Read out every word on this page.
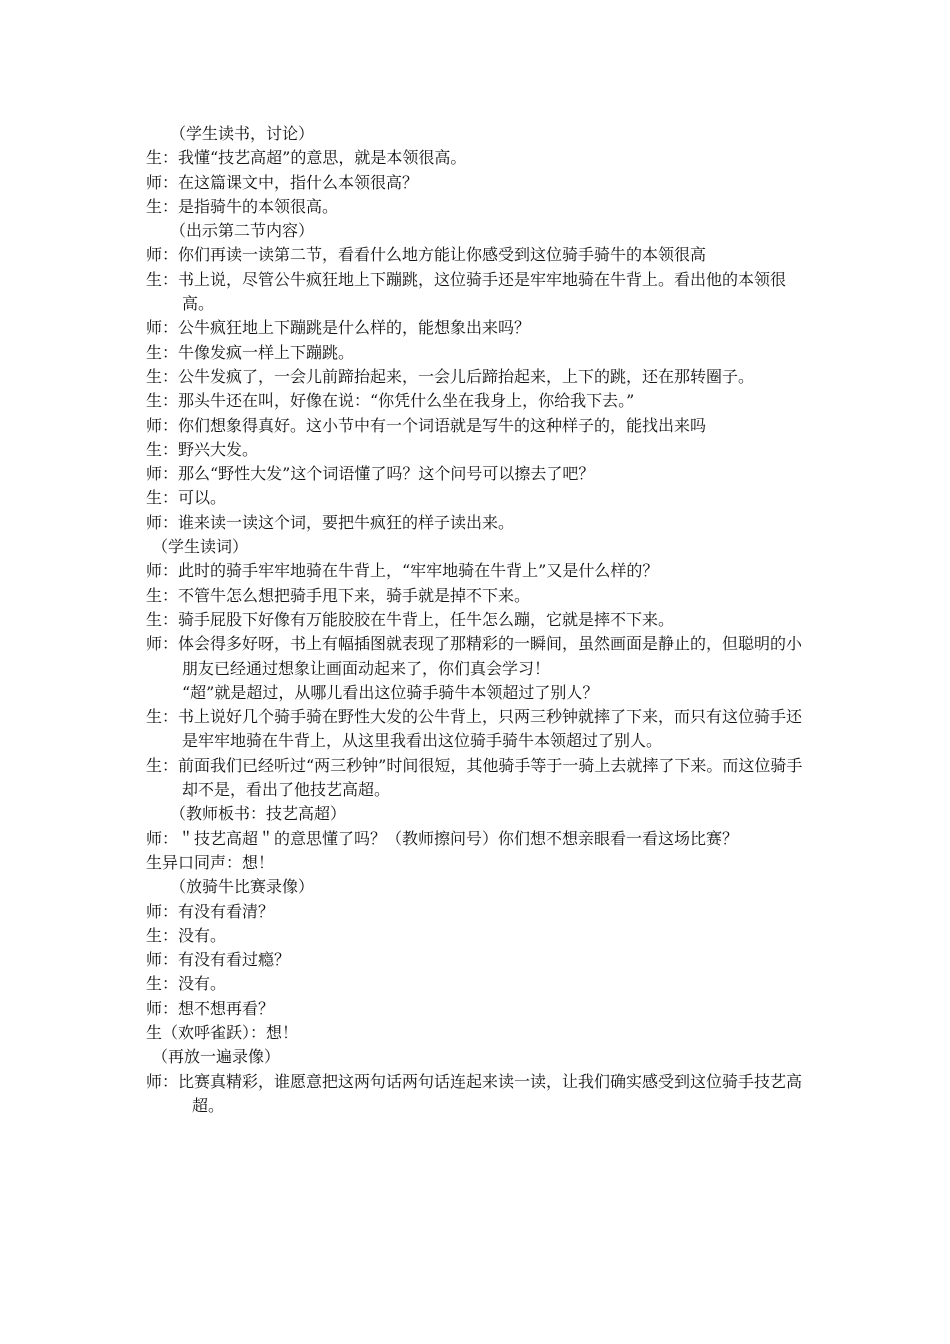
（学生读书，讨论）
生：我懂“技艺高超”的意思，就是本领很高。
师：在这篇课文中，指什么本领很高？
生：是指骑牛的本领很高。
（出示第二节内容）
师：你们再读一读第二节，看看什么地方能让你感受到这位骑手骑牛的本领很高
生：书上说，尽管公牛疯狂地上下蹦跳，这位骑手还是牢牢地骑在牛背上。看出他的本领很高。
师：公牛疯狂地上下蹦跳是什么样的，能想象出来吗？
生：牛像发疯一样上下蹦跳。
生：公牛发疯了，一会儿前蹄抬起来，一会儿后蹄抬起来，上下的跳，还在那转圈子。
生：那头牛还在叫，好像在说：“你凭什么坐在我身上，你给我下去。”
师：你们想象得真好。这小节中有一个词语就是写牛的这种样子的，能找出来吗
生：野兴大发。
师：那么“野性大发”这个词语懂了吗？这个问号可以擦去了吧？
生：可以。
师：谁来读一读这个词，要把牛疯狂的样子读出来。
（学生读词）
师：此时的骑手牢牢地骑在牛背上，“牢牢地骑在牛背上”又是什么样的？
生：不管牛怎么想把骑手甩下来，骑手就是掉不下来。
生：骑手屁股下好像有万能胶胶在牛背上，任牛怎么蹦，它就是摔不下来。
师：体会得多好呀，书上有幅插图就表现了那精彩的一瞬间，虽然画面是静止的，但聪明的小朋友已经通过想象让画面动起来了，你们真会学习！
“超”就是超过，从哪儿看出这位骑手骑牛本领超过了别人？
生：书上说好几个骑手骑在野性大发的公牛背上，只两三秒钟就摔了下来，而只有这位骑手还是牢牢地骑在牛背上，从这里我看出这位骑手骑牛本领超过了别人。
生：前面我们已经听过“两三秒钟”时间很短，其他骑手等于一骑上去就摔了下来。而这位骑手却不是，看出了他技艺高超。
（教师板书：技艺高超）
师：＂技艺高超＂的意思懂了吗？（教师擦问号）你们想不想亲眼看一看这场比赛？
生异口同声：想！
（放骑牛比赛录像）
师：有没有看清？
生：没有。
师：有没有看过瘾？
生：没有。
师：想不想再看？
生（欢呼雀跃）：想！
（再放一遍录像）
师：比赛真精彩，谁愿意把这两句话两句话连起来读一读，让我们确实感受到这位骑手技艺高超。
